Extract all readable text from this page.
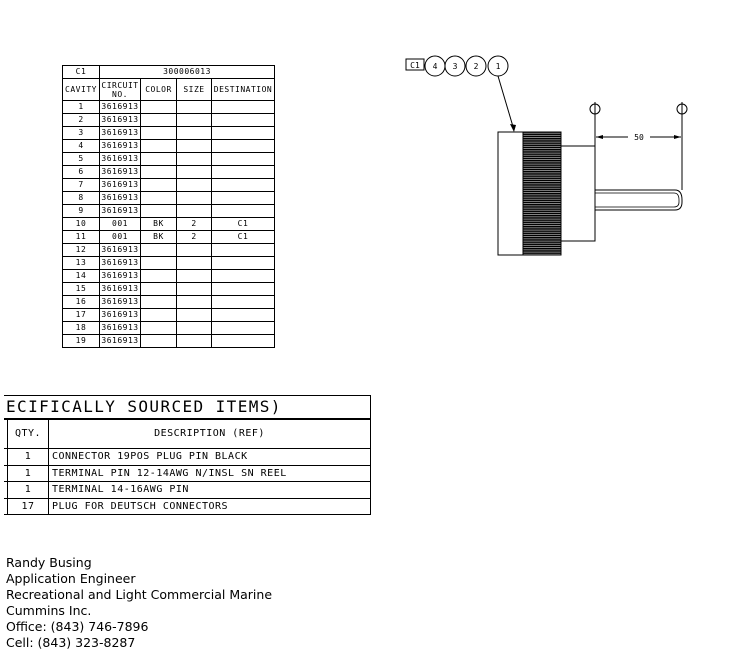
C1	300006013			
CAVITY	CIRCUIT NO.	COLOR	SIZE	DESTINATION
1	3616913			
2	3616913			
3	3616913			
4	3616913			
5	3616913			
6	3616913			
7	3616913			
8	3616913			
9	3616913			
10	001	BK	2	C1
11	001	BK	2	C1
12	3616913			
13	3616913			
14	3616913			
15	3616913			
16	3616913			
17	3616913			
18	3616913			
19	3616913			
C1 4 3 2 1
50
ECIFICALLY SOURCED ITEMS)
	QTY.	DESCRIPTION (REF)
	1	CONNECTOR 19POS PLUG PIN BLACK
	1	TERMINAL PIN 12-14AWG N/INSL SN REEL
	1	TERMINAL 14-16AWG PIN
	17	PLUG FOR DEUTSCH CONNECTORS
Randy Busing
Application Engineer
Recreational and Light Commercial Marine
Cummins Inc.
Office: (843) 746-7896
Cell: (843) 323-8287
